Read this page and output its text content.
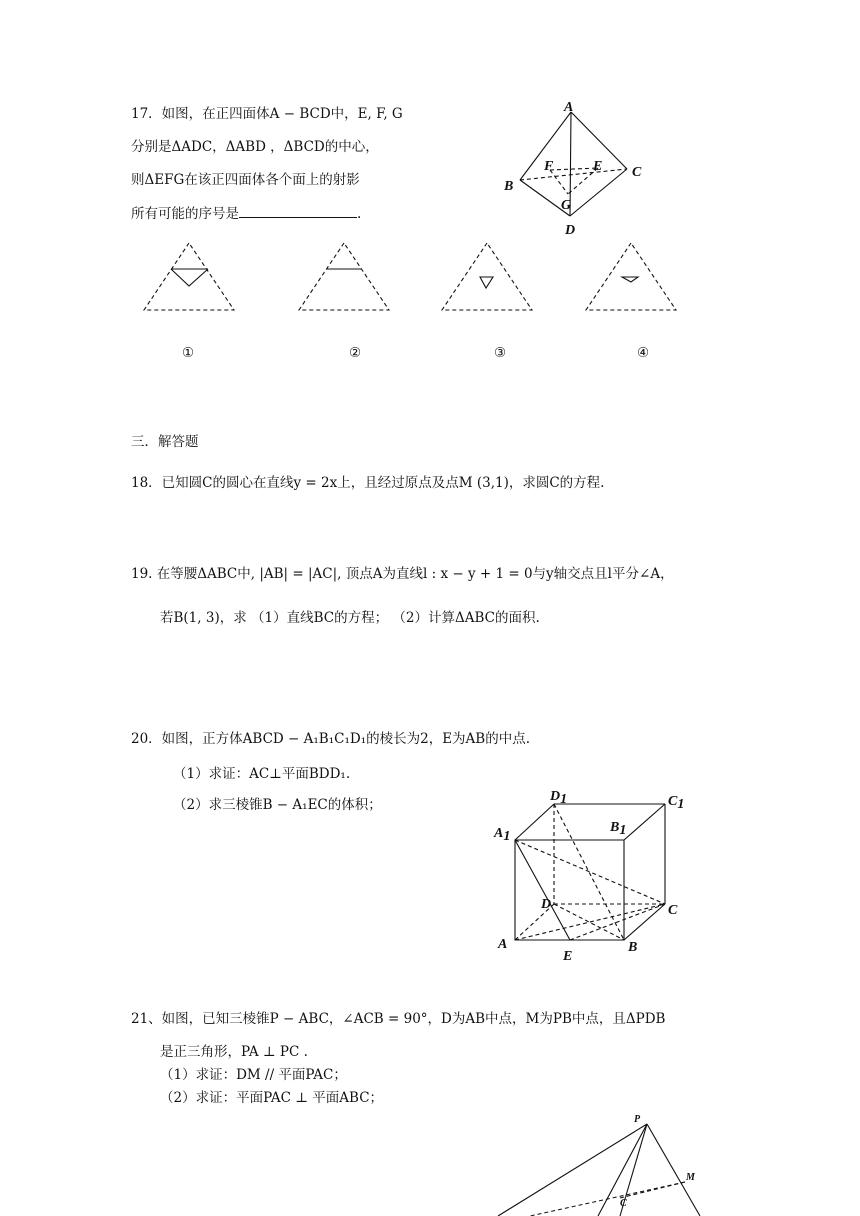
17．如图，在正四面体A − BCD中，E, F, G
分别是ΔADC，ΔABD ，ΔBCD的中心，
则ΔEFG在该正四面体各个面上的射影
所有可能的序号是	.
A
B
C
D
E
F
G
①	②	③	④
三．解答题
18．已知圆C的圆心在直线y = 2x上，且经过原点及点M (3,1)，求圆C的方程.
19. 在等腰ΔABC中, |AB| = |AC|, 顶点A为直线l : x − y + 1 = 0与y轴交点且l平分∠A，
若B(1, 3)，求 （1）直线BC的方程； （2）计算ΔABC的面积.
20．如图，正方体ABCD − A₁B₁C₁D₁的棱长为2，E为AB的中点.
（1）求证：AC⊥平面BDD₁.
（2）求三棱锥B − A₁EC的体积；
D1	C1
A1
B1
D	C
A
E
B
21、如图，已知三棱锥P − ABC，∠ACB = 90°，D为AB中点，M为PB中点，且ΔPDB
是正三角形，PA ⊥ PC .
（1）求证：DM // 平面PAC；
（2）求证：平面PAC ⊥ 平面ABC；
P
M
C
